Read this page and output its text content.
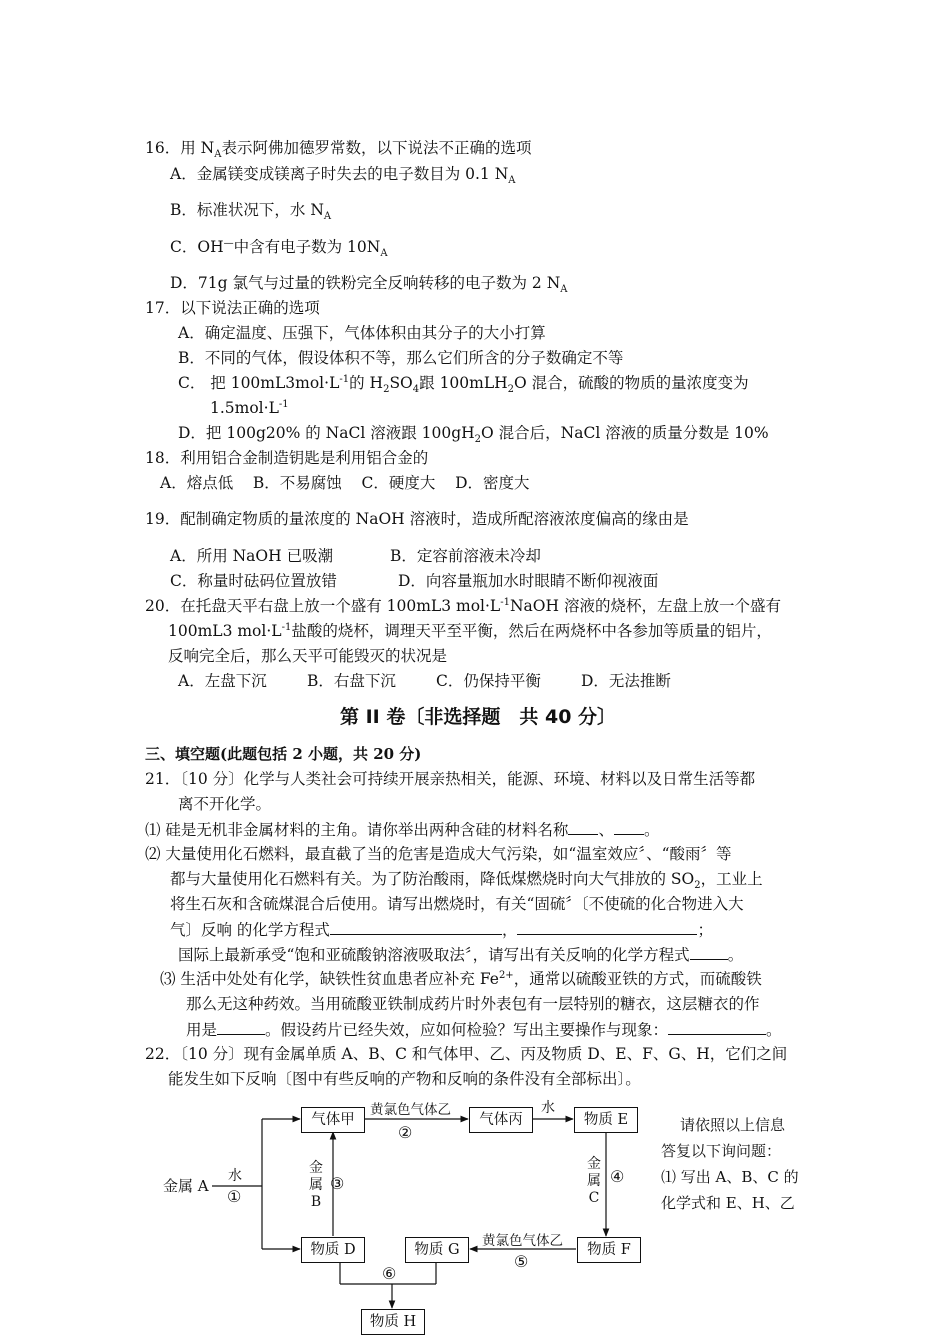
16．用 $N_A$表示阿佛加德罗常数，以下说法不正确的选项
A．金属镁变成镁离子时失去的电子数目为 0.1 $N_A$
B．标准状况下，水 $N_A$
C．OH—中含有电子数为 $10N_A$
D．71g 氯气与过量的铁粉完全反响转移的电子数为 2 $N_A$
17．以下说法正确的选项
A．确定温度、压强下，气体体积由其分子的大小打算
B．不同的气体，假设体积不等，那么它们所含的分子数确定不等
C． 把 $100mL3mol\cdot L^{-1}$的 $H_2SO_4$跟 100mLH$_2$O 混合，硫酸的物质的量浓度变为
$1.5mol\cdot L^{-1}$
D．把 100g20% 的 NaCl 溶液跟 $100gH_2O$ 混合后，NaCl 溶液的质量分数是 10%
18．利用铝合金制造钥匙是利用铝合金的
A．熔点低    B．不易腐蚀    C．硬度大    D．密度大
19．配制确定物质的量浓度的 NaOH 溶液时，造成所配溶液浓度偏高的缘由是
A．所用 NaOH 已吸潮	B．定容前溶液未冷却
C．称量时砝码位置放错	D．向容量瓶加水时眼睛不断仰视液面
20．在托盘天平右盘上放一个盛有 100mL3 $mol\cdot L^{-1}NaOH$ 溶液的烧杯，左盘上放一个盛有
100mL3 $mol\cdot L^{-1}$盐酸的烧杯，调理天平至平衡，然后在两烧杯中各参加等质量的铝片，
反响完全后，那么天平可能毁灭的状况是
A．左盘下沉	B．右盘下沉	C．仍保持平衡	D．无法推断
第 II 卷〔非选择题　共 40 分〕
三、填空题(此题包括 2 小题，共 20 分)
21．〔10 分〕化学与人类社会可持续开展亲热相关，能源、环境、材料以及日常生活等都
离不开化学。
⑴ 硅是无机非金属材料的主角。请你举出两种含硅的材料名称 、 。
⑵ 大量使用化石燃料，最直截了当的危害是造成大气污染，如“温室效应〞、“酸雨〞等
都与大量使用化石燃料有关。为了防治酸雨，降低煤燃烧时向大气排放的 $SO_2$，工业上
将生石灰和含硫煤混合后使用。请写出燃烧时，有关“固硫〞〔不使硫的化合物进入大
气〕反响 的化学方程式	，	；
国际上最新承受“饱和亚硫酸钠溶液吸取法〞，请写出有关反响的化学方程式 。
⑶ 生活中处处有化学，缺铁性贫血患者应补充 $Fe^{2+}$，通常以硫酸亚铁的方式，而硫酸铁
那么无这种药效。当用硫酸亚铁制成药片时外表包有一层特别的糖衣，这层糖衣的作
用是	。假设药片已经失效，应如何检验？写出主要操作与现象：	。
22．〔10 分〕现有金属单质 A、B、C 和气体甲、乙、丙及物质 D、E、F、G、H，它们之间
能发生如下反响〔图中有些反响的产物和反响的条件没有全部标出〕。
金属 A
水
①
气体甲
黄氯色气体乙
②
气体丙
水
物质 E
金
属
B
③
金
属
C
④
物质 D	物质 G
黄氯色气体乙
⑤
物质 F
⑥
物质 H
请依照以上信息
答复以下询问题：
⑴ 写出 A、B、C 的
化学式和 E、H、乙
